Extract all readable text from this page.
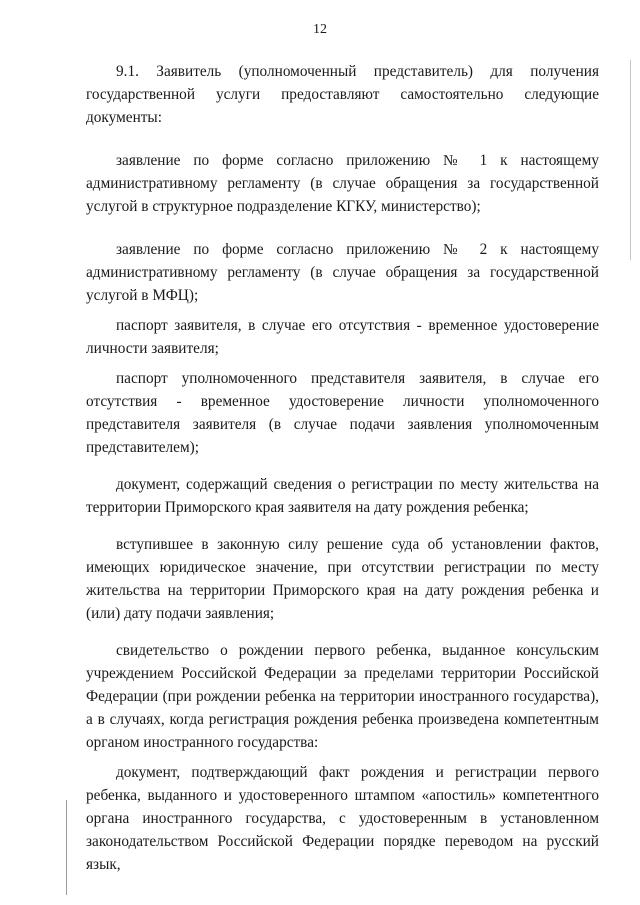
12

9.1. Заявитель (уполномоченный представитель) для получения государственной услуги предоставляют самостоятельно следующие документы:

заявление по форме согласно приложению № 1 к настоящему административному регламенту (в случае обращения за государственной услугой в структурное подразделение КГКУ, министерство);

заявление по форме согласно приложению № 2 к настоящему административному регламенту (в случае обращения за государственной услугой в МФЦ);

паспорт заявителя, в случае его отсутствия - временное удостоверение личности заявителя;

паспорт уполномоченного представителя заявителя, в случае его отсутствия - временное удостоверение личности уполномоченного представителя заявителя (в случае подачи заявления уполномоченным представителем);

документ, содержащий сведения о регистрации по месту жительства на территории Приморского края заявителя на дату рождения ребенка;

вступившее в законную силу решение суда об установлении фактов, имеющих юридическое значение, при отсутствии регистрации по месту жительства на территории Приморского края на дату рождения ребенка и (или) дату подачи заявления;

свидетельство о рождении первого ребенка, выданное консульским учреждением Российской Федерации за пределами территории Российской Федерации (при рождении ребенка на территории иностранного государства), а в случаях, когда регистрация рождения ребенка произведена компетентным органом иностранного государства:

документ, подтверждающий факт рождения и регистрации первого ребенка, выданного и удостоверенного штампом «апостиль» компетентного органа иностранного государства, с удостоверенным в установленном законодательством Российской Федерации порядке переводом на русский язык,
